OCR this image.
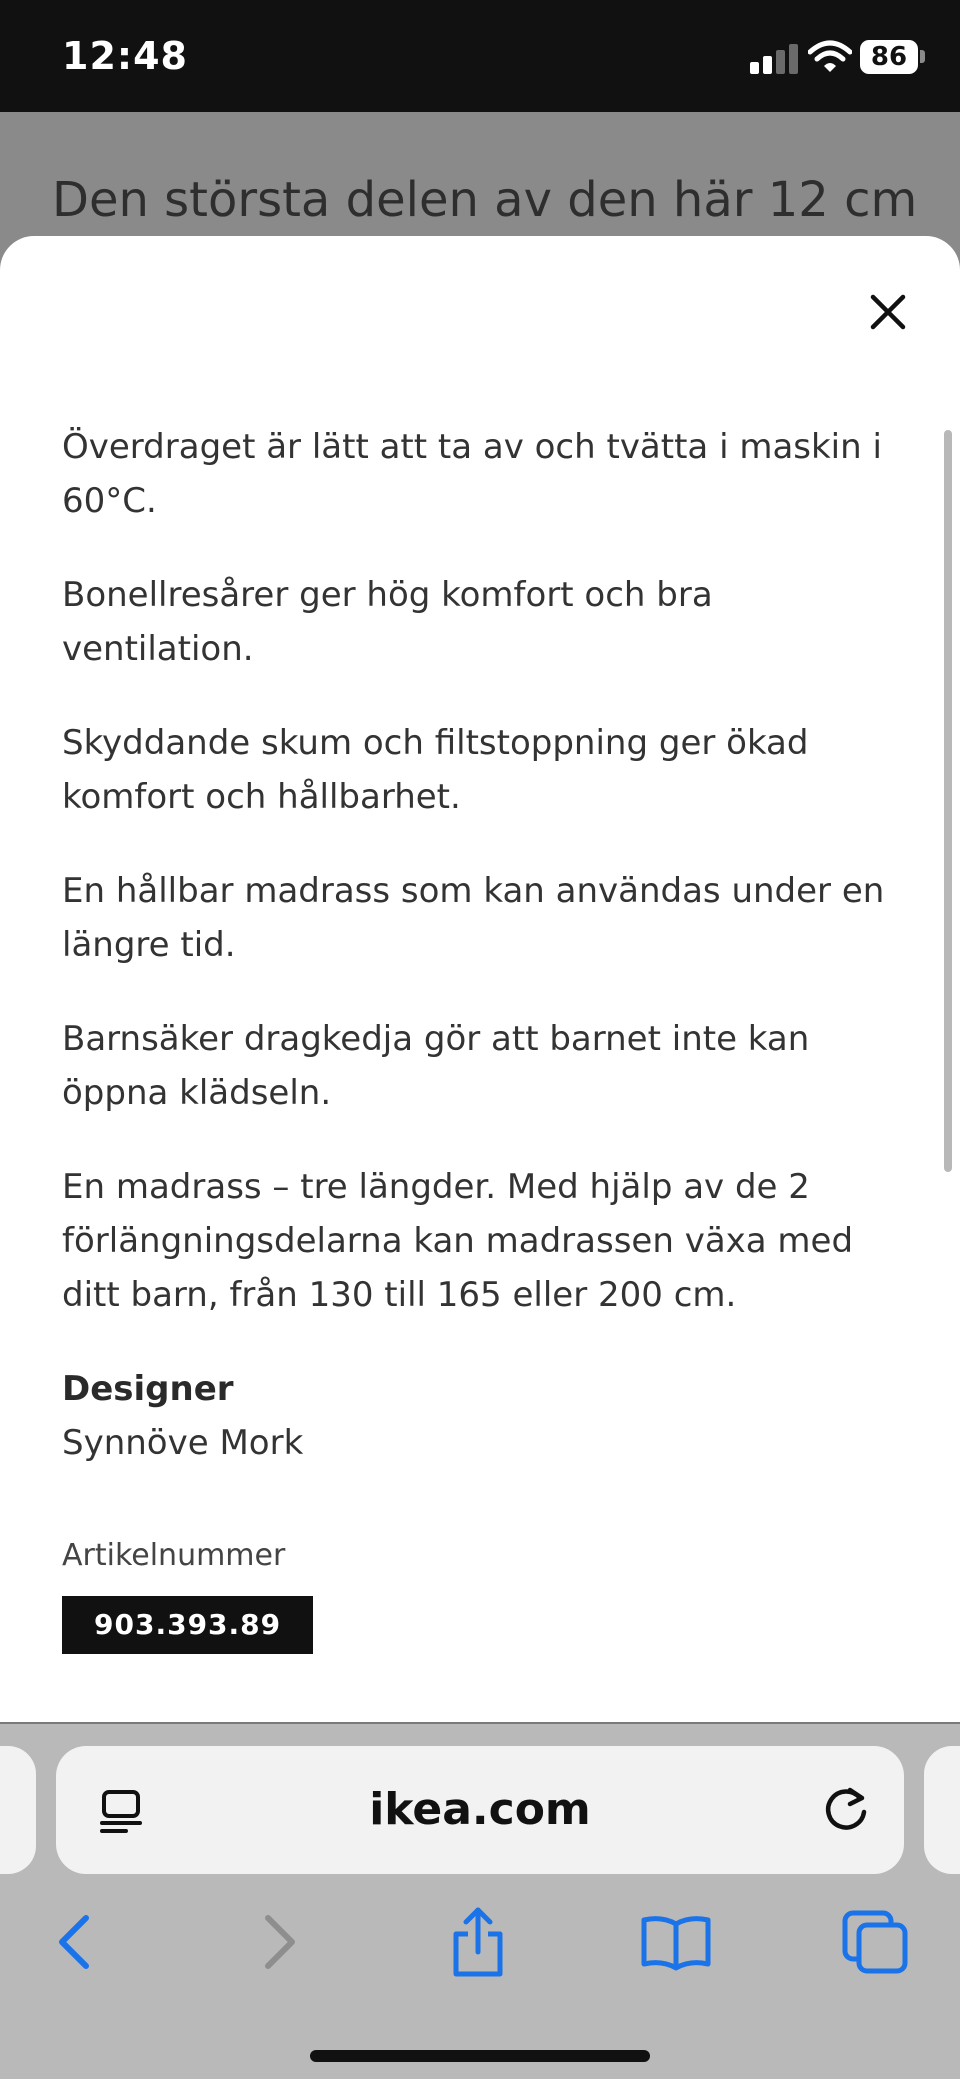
12:48	86
Den största delen av den här 12 cm

Överdraget är lätt att ta av och tvätta i maskin i 60°C.

Bonellresårer ger hög komfort och bra ventilation.

Skyddande skum och filtstoppning ger ökad komfort och hållbarhet.

En hållbar madrass som kan användas under en längre tid.

Barnsäker dragkedja gör att barnet inte kan öppna klädseln.

En madrass – tre längder. Med hjälp av de 2 förlängningsdelarna kan madrassen växa med ditt barn, från 130 till 165 eller 200 cm.

Designer
Synnöve Mork
Artikelnummer
903.393.89
ikea.com
